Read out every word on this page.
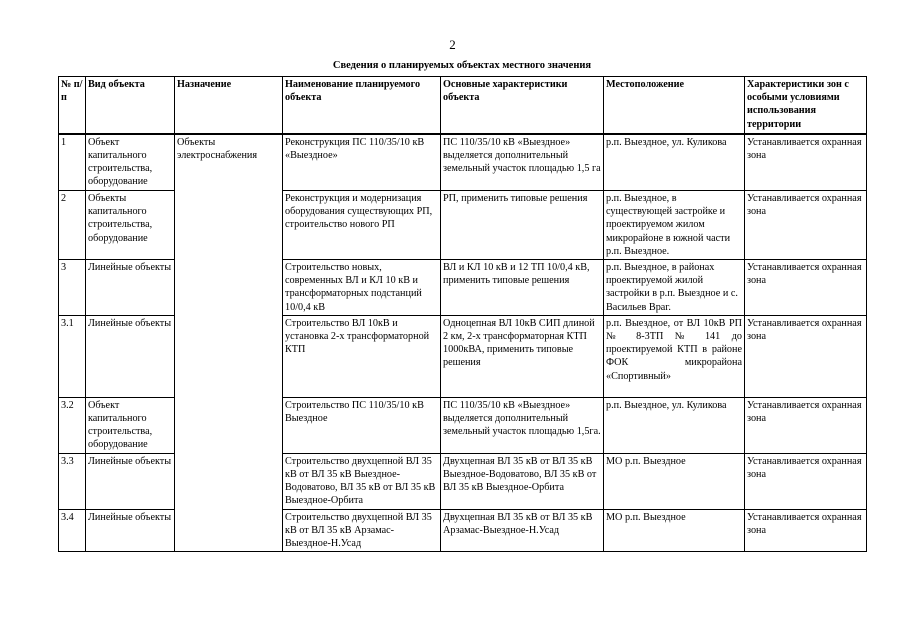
2
Сведения о планируемых объектах местного значения
№ п/п	Вид объекта	Назначение	Наименование планируемого объекта	Основные характеристики объекта	Местоположение	Характеристики зон с особыми условиями использования территории
1	Объект капитального строительства, оборудование	Объекты электроснабжения	Реконструкция ПС 110/35/10 кВ «Выездное»	ПС 110/35/10 кВ «Выездное» выделяется дополнительный земельный участок площадью 1,5 га	р.п. Выездное, ул. Куликова	Устанавливается охранная зона
2	Объекты капитального строительства, оборудование		Реконструкция и модернизация оборудования существующих РП, строительство нового РП	РП, применить типовые решения	р.п. Выездное, в существующей застройке и проектируемом жилом микрорайоне в южной части р.п. Выездное.	Устанавливается охранная зона
3	Линейные объекты		Строительство новых, современных ВЛ и КЛ 10 кВ и трансформаторных подстанций 10/0,4 кВ	ВЛ и КЛ 10 кВ и 12 ТП 10/0,4 кВ, применить типовые решения	р.п. Выездное, в районах проектируемой жилой застройки в р.п. Выездное и с. Васильев Враг.	Устанавливается охранная зона
3.1	Линейные объекты		Строительство ВЛ 10кВ и установка 2-х трансформаторной КТП	Одноцепная ВЛ 10кВ СИП длиной 2 км, 2-х трансформаторная КТП 1000кВА, применить типовые решения	р.п. Выездное, от ВЛ 10кВ РП № 8-3ТП № 141 до проектируемой КТП в районе ФОК микрорайона «Спортивный»	Устанавливается охранная зона
3.2	Объект капитального строительства, оборудование		Строительство ПС 110/35/10 кВ Выездное	ПС 110/35/10 кВ «Выездное» выделяется дополнительный земельный участок площадью 1,5га.	р.п. Выездное, ул. Куликова	Устанавливается охранная зона
3.3	Линейные объекты		Строительство двухцепной ВЛ 35 кВ от ВЛ 35 кВ Выездное-Водоватово, ВЛ 35 кВ от ВЛ 35 кВ Выездное-Орбита	Двухцепная ВЛ 35 кВ от ВЛ 35 кВ Выездное-Водоватово, ВЛ 35 кВ от ВЛ 35 кВ Выездное-Орбита	МО р.п. Выездное	Устанавливается охранная зона
3.4	Линейные объекты		Строительство двухцепной ВЛ 35 кВ от ВЛ 35 кВ Арзамас-Выездное-Н.Усад	Двухцепная ВЛ 35 кВ от ВЛ 35 кВ Арзамас-Выездное-Н.Усад	МО р.п. Выездное	Устанавливается охранная зона
